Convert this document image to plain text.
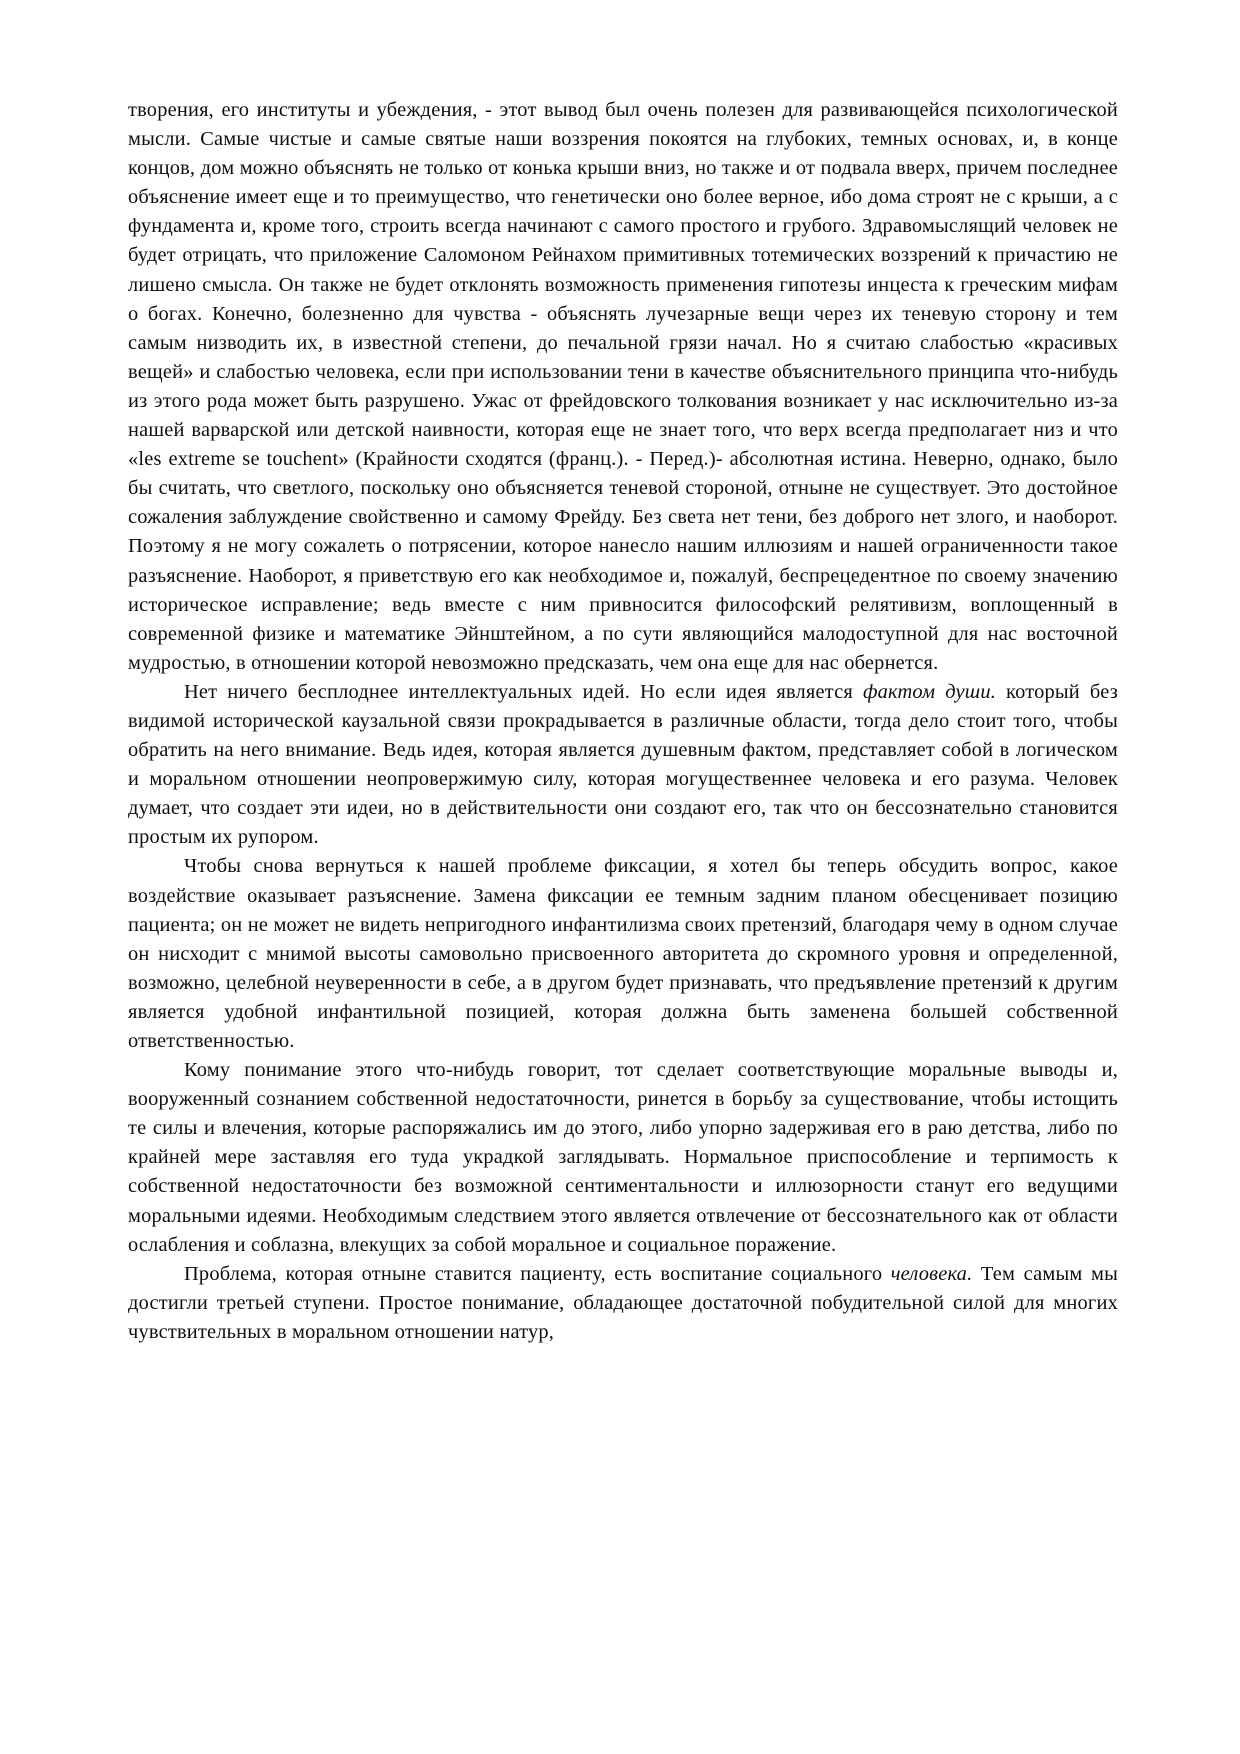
творения, его институты и убеждения, - этот вывод был очень полезен для развивающейся психологической мысли. Самые чистые и самые святые наши воззрения покоятся на глубоких, темных основах, и, в конце концов, дом можно объяснять не только от конька крыши вниз, но также и от подвала вверх, причем последнее объяснение имеет еще и то преимущество, что генетически оно более верное, ибо дома строят не с крыши, а с фундамента и, кроме того, строить всегда начинают с самого простого и грубого. Здравомыслящий человек не будет отрицать, что приложение Саломоном Рейнахом примитивных тотемических воззрений к причастию не лишено смысла. Он также не будет отклонять возможность применения гипотезы инцеста к греческим мифам о богах. Конечно, болезненно для чувства - объяснять лучезарные вещи через их теневую сторону и тем самым низводить их, в известной степени, до печальной грязи начал. Но я считаю слабостью «красивых вещей» и слабостью человека, если при использовании тени в качестве объяснительного принципа что-нибудь из этого рода может быть разрушено. Ужас от фрейдовского толкования возникает у нас исключительно из-за нашей варварской или детской наивности, которая еще не знает того, что верх всегда предполагает низ и что «les extreme se touchent» (Крайности сходятся (франц.). - Перед.)- абсолютная истина. Неверно, однако, было бы считать, что светлого, поскольку оно объясняется теневой стороной, отныне не существует. Это достойное сожаления заблуждение свойственно и самому Фрейду. Без света нет тени, без доброго нет злого, и наоборот. Поэтому я не могу сожалеть о потрясении, которое нанесло нашим иллюзиям и нашей ограниченности такое разъяснение. Наоборот, я приветствую его как необходимое и, пожалуй, беспрецедентное по своему значению историческое исправление; ведь вместе с ним привносится философский релятивизм, воплощенный в современной физике и математике Эйнштейном, а по сути являющийся малодоступной для нас восточной мудростью, в отношении которой невозможно предсказать, чем она еще для нас обернется.

Нет ничего бесплоднее интеллектуальных идей. Но если идея является фактом души. который без видимой исторической каузальной связи прокрадывается в различные области, тогда дело стоит того, чтобы обратить на него внимание. Ведь идея, которая является душевным фактом, представляет собой в логическом и моральном отношении неопровержимую силу, которая могущественнее человека и его разума. Человек думает, что создает эти идеи, но в действительности они создают его, так что он бессознательно становится простым их рупором.

Чтобы снова вернуться к нашей проблеме фиксации, я хотел бы теперь обсудить вопрос, какое воздействие оказывает разъяснение. Замена фиксации ее темным задним планом обесценивает позицию пациента; он не может не видеть непригодного инфантилизма своих претензий, благодаря чему в одном случае он нисходит с мнимой высоты самовольно присвоенного авторитета до скромного уровня и определенной, возможно, целебной неуверенности в себе, а в другом будет признавать, что предъявление претензий к другим является удобной инфантильной позицией, которая должна быть заменена большей собственной ответственностью.

Кому понимание этого что-нибудь говорит, тот сделает соответствующие моральные выводы и, вооруженный сознанием собственной недостаточности, ринется в борьбу за существование, чтобы истощить те силы и влечения, которые распоряжались им до этого, либо упорно задерживая его в раю детства, либо по крайней мере заставляя его туда украдкой заглядывать. Нормальное приспособление и терпимость к собственной недостаточности без возможной сентиментальности и иллюзорности станут его ведущими моральными идеями. Необходимым следствием этого является отвлечение от бессознательного как от области ослабления и соблазна, влекущих за собой моральное и социальное поражение.

Проблема, которая отныне ставится пациенту, есть воспитание социального человека. Тем самым мы достигли третьей ступени. Простое понимание, обладающее достаточной побудительной силой для многих чувствительных в моральном отношении натур,
